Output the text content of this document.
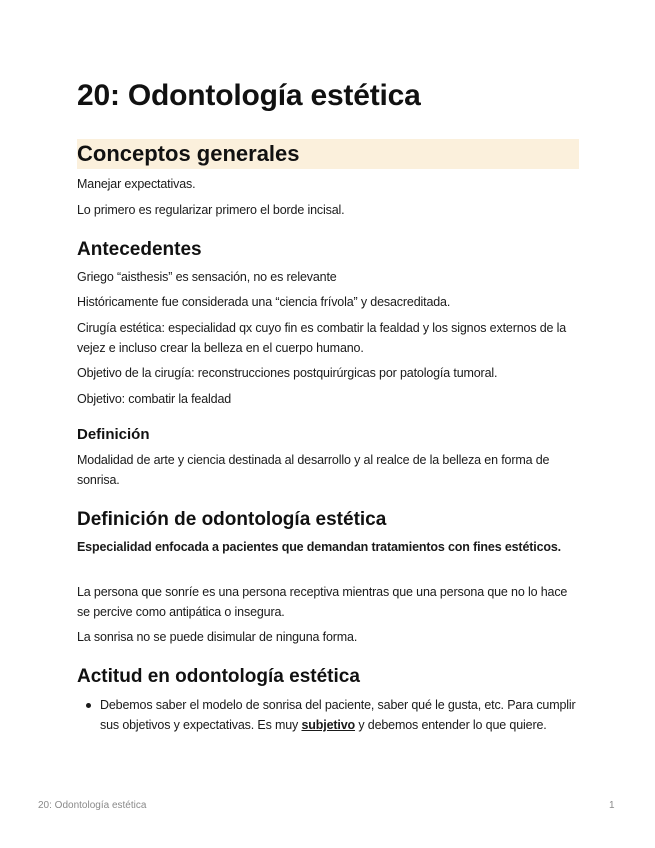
20: Odontología estética
Conceptos generales

Manejar expectativas.

Lo primero es regularizar primero el borde incisal.

Antecedentes

Griego “aisthesis” es sensación, no es relevante

Históricamente fue considerada una “ciencia frívola” y desacreditada.

Cirugía estética: especialidad qx cuyo fin es combatir la fealdad y los signos externos de la vejez e incluso crear la belleza en el cuerpo humano.

Objetivo de la cirugía: reconstrucciones postquirúrgicas por patología tumoral.

Objetivo: combatir la fealdad

Definición

Modalidad de arte y ciencia destinada al desarrollo y al realce de la belleza en forma de sonrisa.

Definición de odontología estética

Especialidad enfocada a pacientes que demandan tratamientos con fines estéticos.

La persona que sonríe es una persona receptiva mientras que una persona que no lo hace se percive como antipática o insegura.

La sonrisa no se puede disimular de ninguna forma.

Actitud en odontología estética
Debemos saber el modelo de sonrisa del paciente, saber qué le gusta, etc. Para cumplir sus objetivos y expectativas. Es muy subjetivo y debemos entender lo que quiere.
20: Odontología estética	1
